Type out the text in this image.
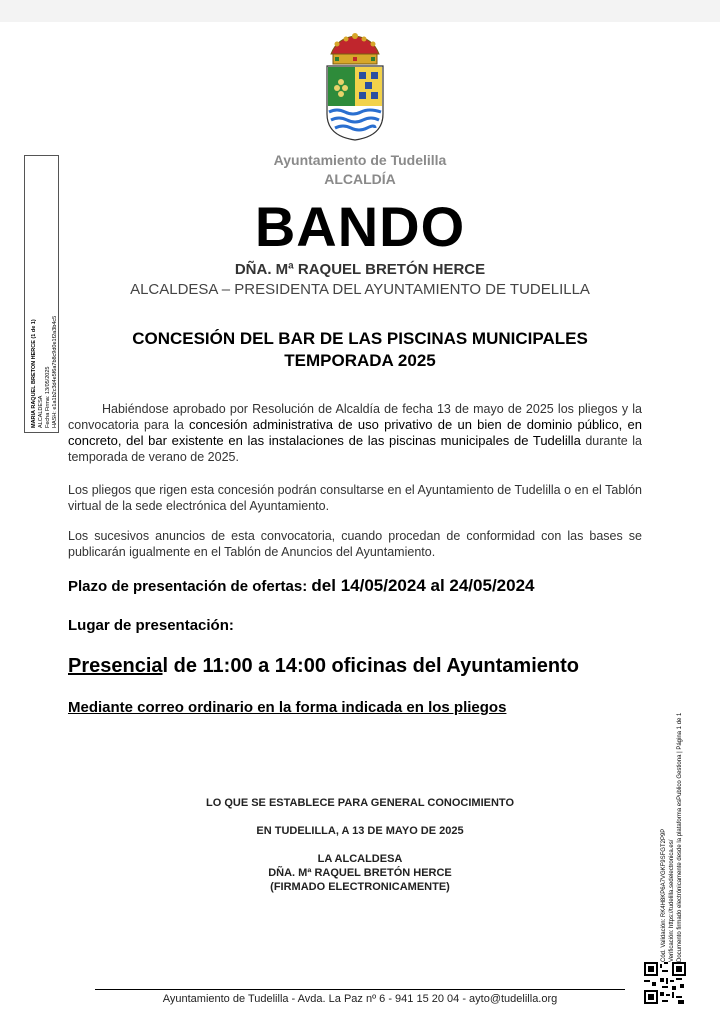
Ayuntamiento de Tudelilla
ALCALDÍA
BANDO
DÑA. Mª RAQUEL BRETÓN HERCE
ALCALDESA – PRESIDENTA DEL AYUNTAMIENTO DE TUDELILLA
CONCESIÓN DEL BAR DE LAS PISCINAS MUNICIPALES
TEMPORADA 2025
Habiéndose aprobado por Resolución de Alcaldía de fecha 13 de mayo de 2025 los pliegos y la convocatoria para la concesión administrativa de uso privativo de un bien de dominio público, en concreto, del bar existente en las instalaciones de las piscinas municipales de Tudelilla durante la temporada de verano de 2025.
Los pliegos que rigen esta concesión podrán consultarse en el Ayuntamiento de Tudelilla o en el Tablón virtual de la sede electrónica del Ayuntamiento.
Los sucesivos anuncios de esta convocatoria, cuando procedan de conformidad con las bases se publicarán igualmente en el Tablón de Anuncios del Ayuntamiento.
Plazo de presentación de ofertas: del 14/05/2024 al 24/05/2024
Lugar de presentación:
Presencial de 11:00 a 14:00 oficinas del Ayuntamiento
Mediante correo ordinario en la forma indicada en los pliegos
LO QUE SE ESTABLECE PARA GENERAL CONOCIMIENTO
EN TUDELILLA, A 13 DE MAYO DE 2025
LA ALCALDESA
DÑA. Mª RAQUEL BRETÓN HERCE
(FIRMADO ELECTRONICAMENTE)
Ayuntamiento de Tudelilla - Avda. La Paz nº 6 - 941 15 20 04 - ayto@tudelilla.org
MARIA RAQUEL BRETON HERCE (1 de 1) ALCALDESA Fecha Firma: 13/05/2025 HASH: e1a1b2c3d4e5f6a7b8c9d0e1f2a3b4c5
Cód. Validación: RK4H8KP6A7VGKF9SFGT2P9P Verificación: https://tudelilla.sedelectronica.es/ Documento firmado electrónicamente desde la plataforma esPublico Gestiona | Página 1 de 1
